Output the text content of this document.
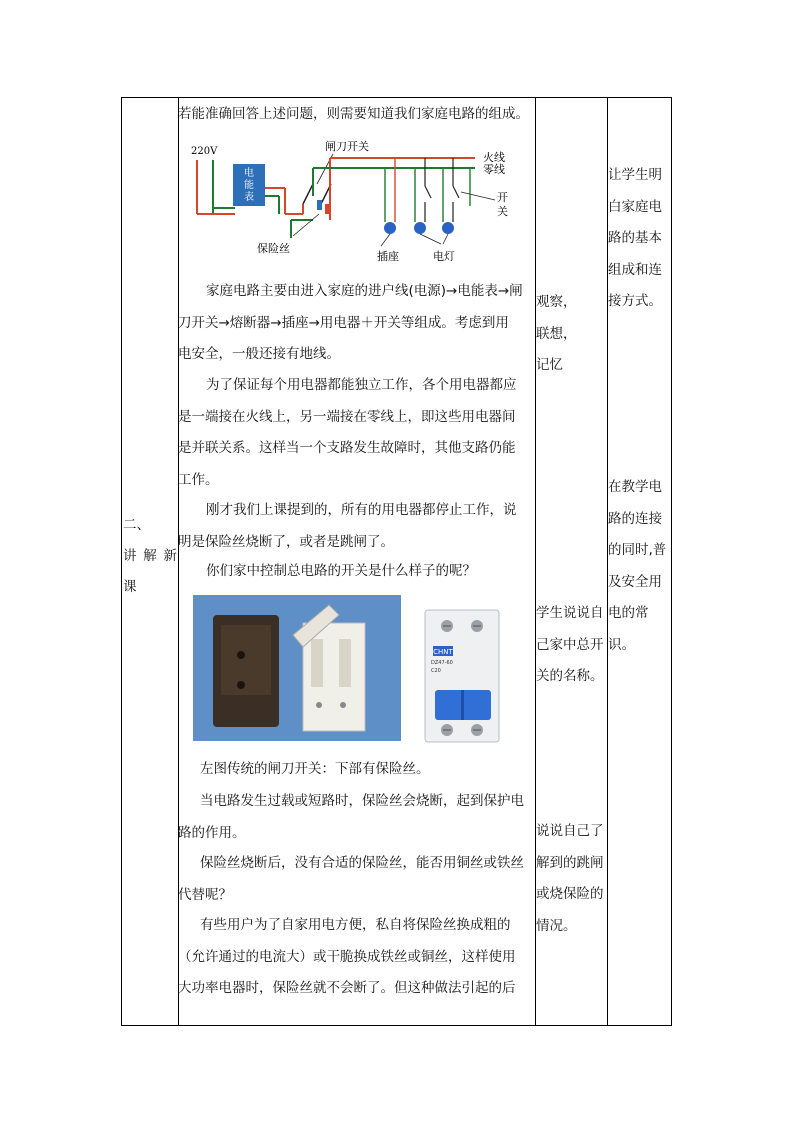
二、
讲 解 新
课
若能准确回答上述问题，则需要知道我们家庭电路的组成。
220V
电
能
表
闸刀开关
火线
零线
开
关
保险丝
插座	电灯
家庭电路主要由进入家庭的进户线(电源)→电能表→闸
刀开关→熔断器→插座→用电器＋开关等组成。考虑到用
电安全，一般还接有地线。
为了保证每个用电器都能独立工作，各个用电器都应
是一端接在火线上，另一端接在零线上，即这些用电器间
是并联关系。这样当一个支路发生故障时，其他支路仍能
工作。
刚才我们上课提到的，所有的用电器都停止工作，说
明是保险丝烧断了，或者是跳闸了。
你们家中控制总电路的开关是什么样子的呢？
CHNT
DZ47-60
C20
左图传统的闸刀开关：下部有保险丝。
当电路发生过载或短路时，保险丝会烧断，起到保护电
路的作用。
保险丝烧断后，没有合适的保险丝，能否用铜丝或铁丝
代替呢？
有些用户为了自家用电方便，私自将保险丝换成粗的
（允许通过的电流大）或干脆换成铁丝或铜丝，这样使用
大功率电器时，保险丝就不会断了。但这种做法引起的后
观察，
联想，
记忆
学生说说自
己家中总开
关的名称。
说说自己了
解到的跳闸
或烧保险的
情况。
让学生明
白家庭电
路的基本
组成和连
接方式。
在教学电
路的连接
的同时,普
及安全用
电的常识。
